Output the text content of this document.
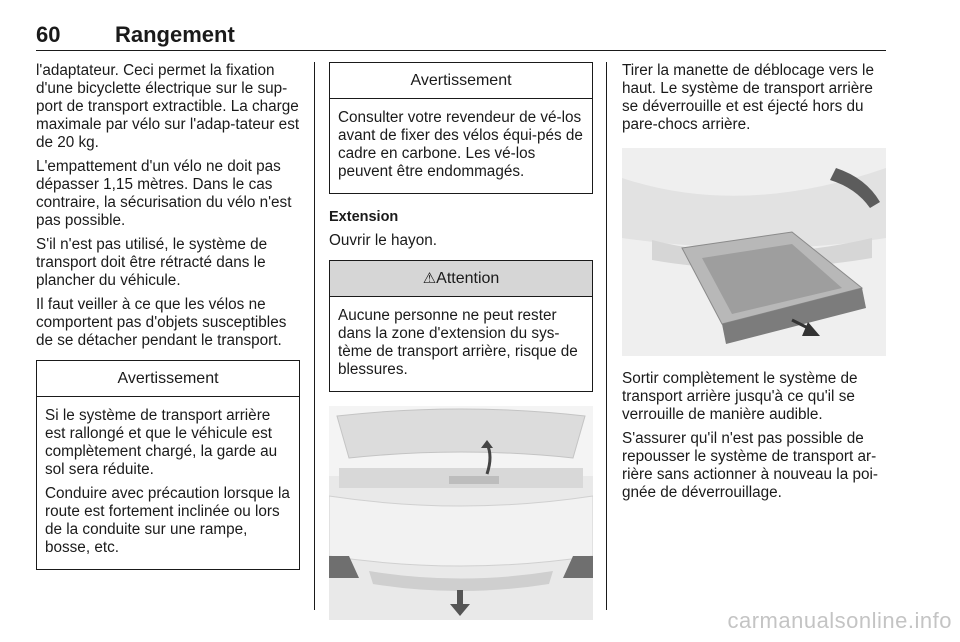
60 Rangement

l'adaptateur. Ceci permet la fixation d'une bicyclette électrique sur le sup-port de transport extractible. La charge maximale par vélo sur l'adap-tateur est de 20 kg.

L'empattement d'un vélo ne doit pas dépasser 1,15 mètres. Dans le cas contraire, la sécurisation du vélo n'est pas possible.

S'il n'est pas utilisé, le système de transport doit être rétracté dans le plancher du véhicule.

Il faut veiller à ce que les vélos ne comportent pas d'objets susceptibles de se détacher pendant le transport.

Avertissement

Si le système de transport arrière est rallongé et que le véhicule est complètement chargé, la garde au sol sera réduite.

Conduire avec précaution lorsque la route est fortement inclinée ou lors de la conduite sur une rampe, bosse, etc.

Avertissement

Consulter votre revendeur de vé-los avant de fixer des vélos équi-pés de cadre en carbone. Les vé-los peuvent être endommagés.

Extension

Ouvrir le hayon.

⚠Attention

Aucune personne ne peut rester dans la zone d'extension du sys-tème de transport arrière, risque de blessures.

Tirer la manette de déblocage vers le haut. Le système de transport arrière se déverrouille et est éjecté hors du pare-chocs arrière.

Sortir complètement le système de transport arrière jusqu'à ce qu'il se verrouille de manière audible.

S'assurer qu'il n'est pas possible de repousser le système de transport ar-rière sans actionner à nouveau la poi-gnée de déverrouillage.

carmanualsonline.info
